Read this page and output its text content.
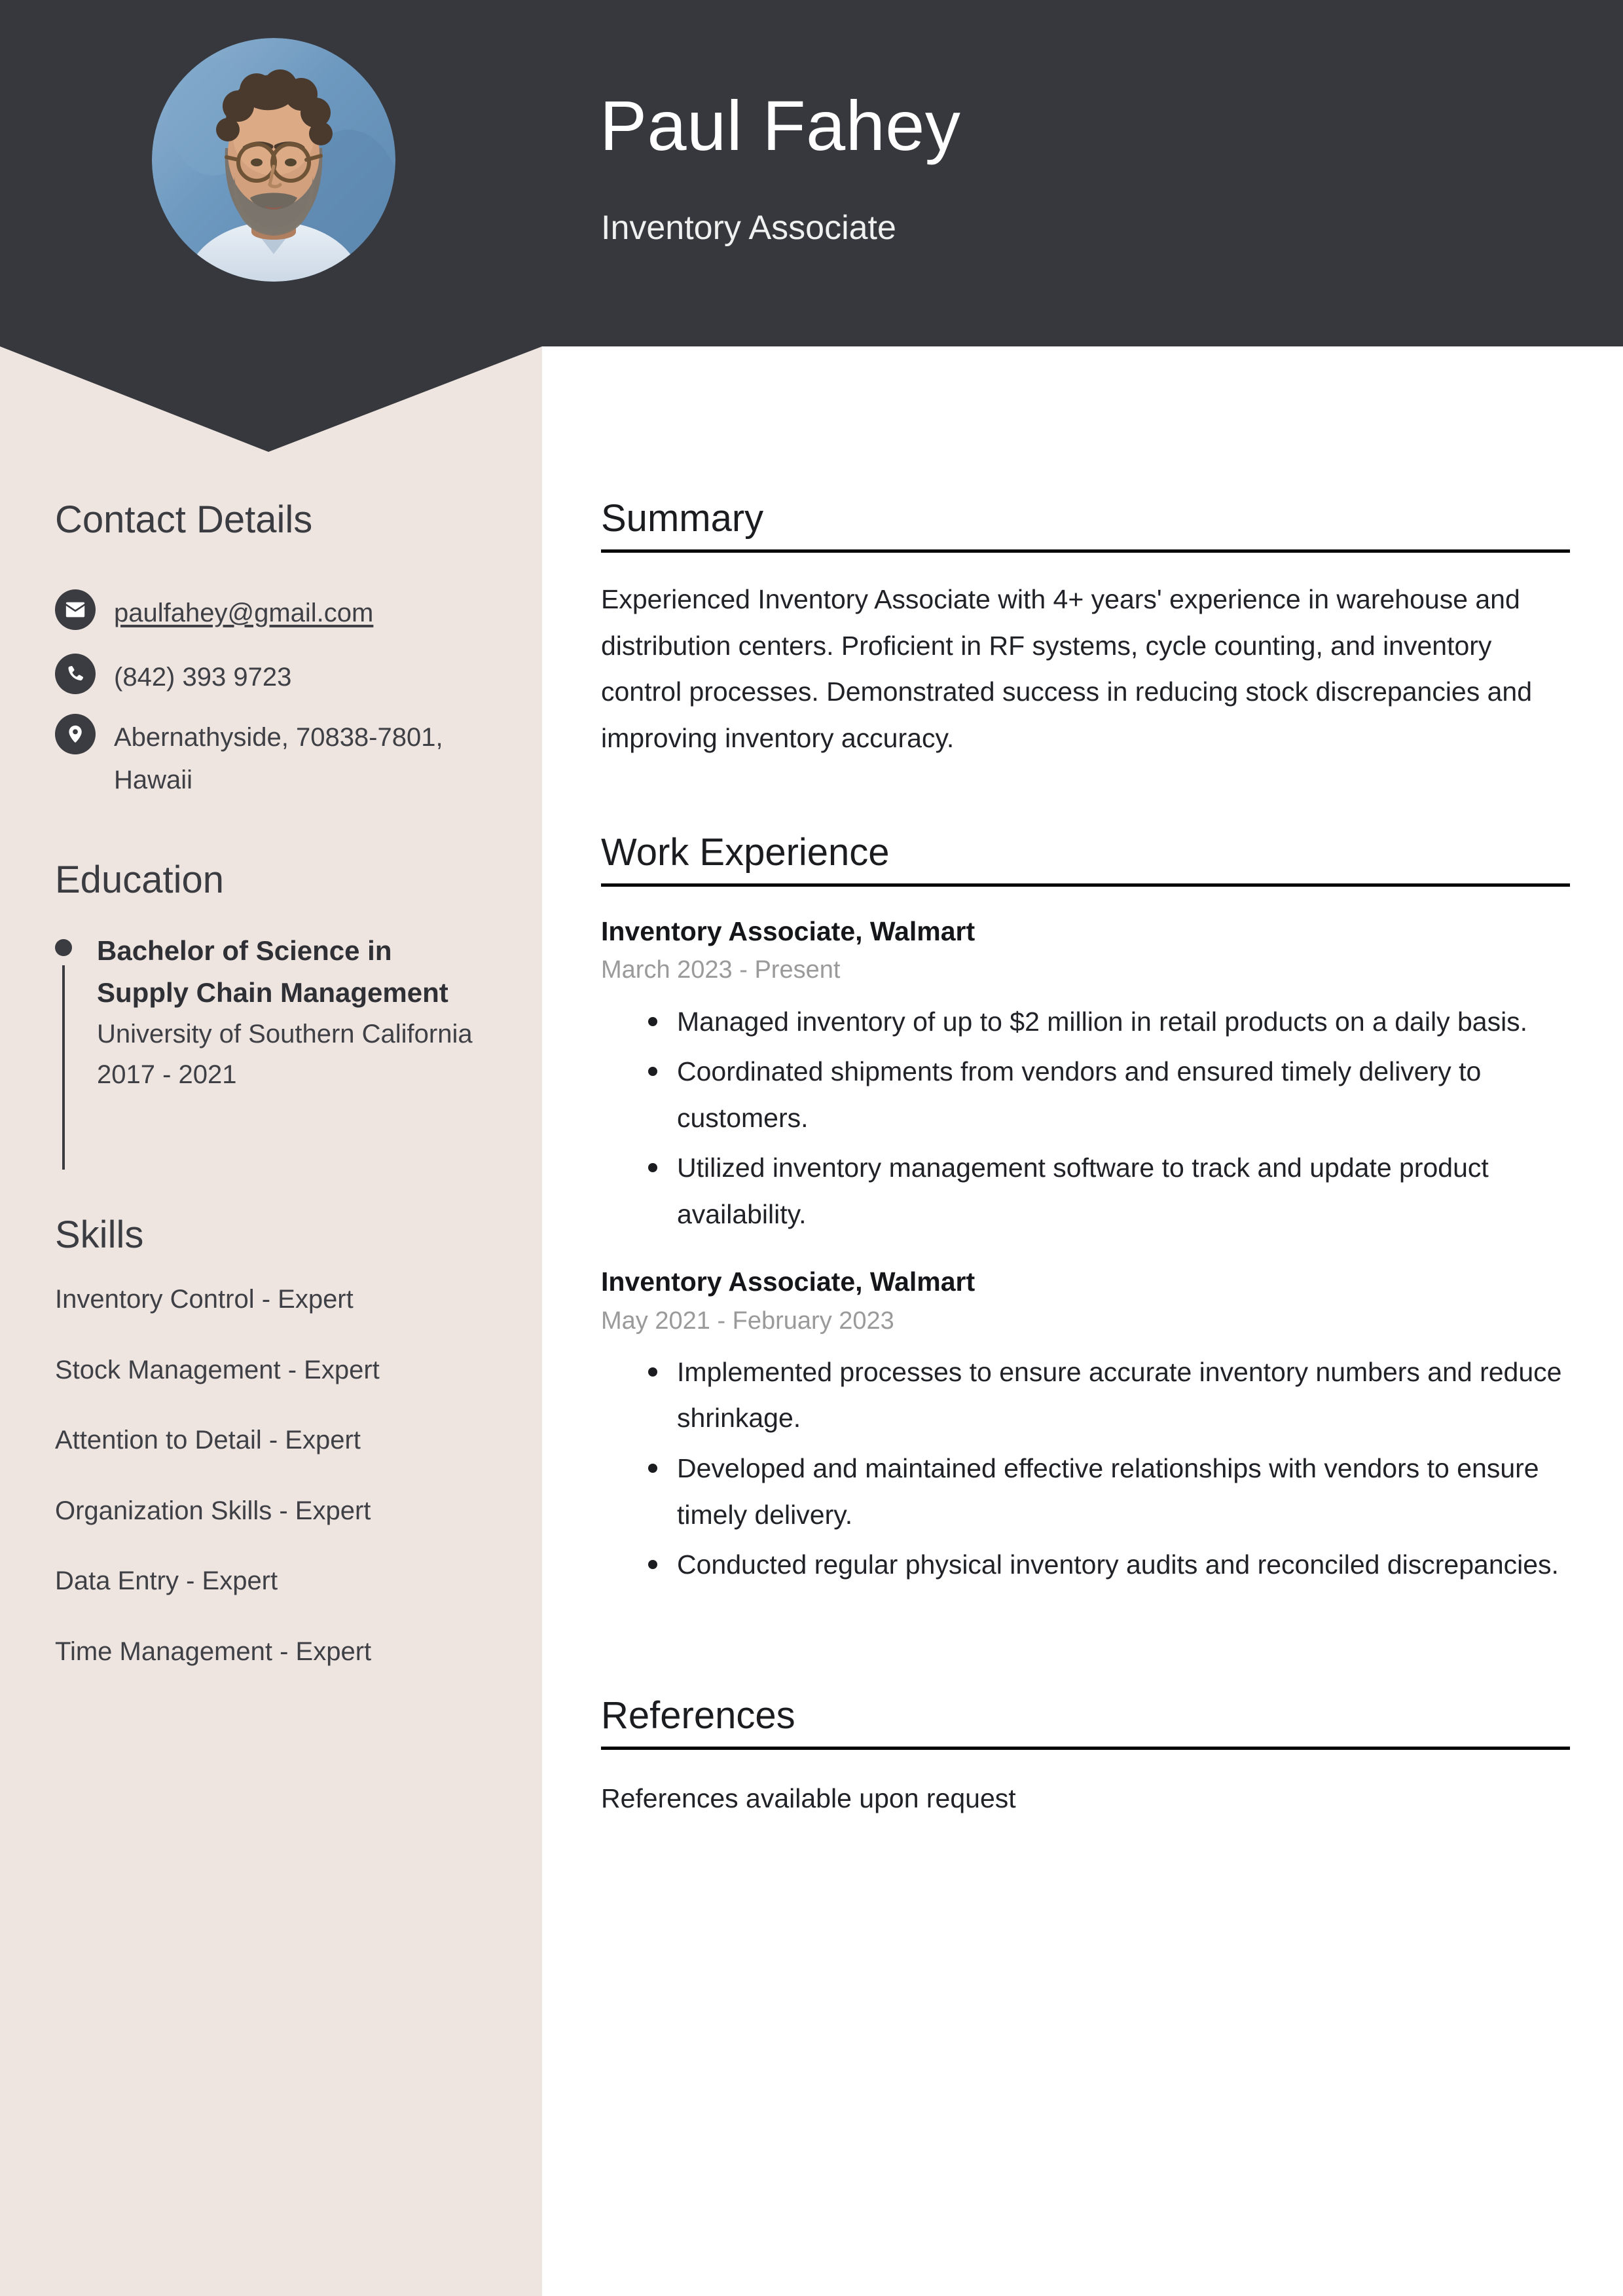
Paul Fahey
Inventory Associate
Contact Details
paulfahey@gmail.com
(842) 393 9723
Abernathyside, 70838-7801, Hawaii
Education
Bachelor of Science in Supply Chain Management
University of Southern California
2017 - 2021
Skills
Inventory Control - Expert
Stock Management - Expert
Attention to Detail - Expert
Organization Skills - Expert
Data Entry - Expert
Time Management - Expert
Summary
Experienced Inventory Associate with 4+ years' experience in warehouse and distribution centers. Proficient in RF systems, cycle counting, and inventory control processes. Demonstrated success in reducing stock discrepancies and improving inventory accuracy.
Work Experience
Inventory Associate, Walmart
March 2023 - Present
Managed inventory of up to $2 million in retail products on a daily basis.
Coordinated shipments from vendors and ensured timely delivery to customers.
Utilized inventory management software to track and update product availability.
Inventory Associate, Walmart
May 2021 - February 2023
Implemented processes to ensure accurate inventory numbers and reduce shrinkage.
Developed and maintained effective relationships with vendors to ensure timely delivery.
Conducted regular physical inventory audits and reconciled discrepancies.
References
References available upon request
